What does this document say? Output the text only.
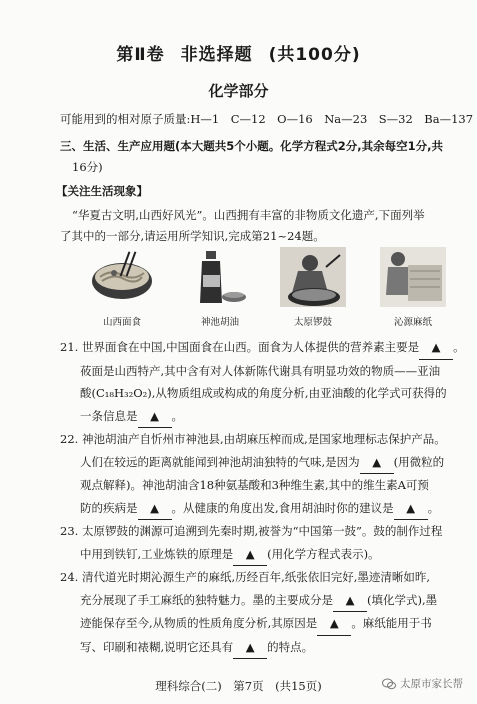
第Ⅱ卷 非选择题 (共100分)
化学部分
可能用到的相对原子质量:H—1　C—12　O—16　Na—23　S—32　Ba—137
三、生活、生产应用题(本大题共5个小题。化学方程式2分,其余每空1分,共
16分)
【关注生活现象】
“华夏古文明,山西好风光”。山西拥有丰富的非物质文化遗产,下面列举
了其中的一部分,请运用所学知识,完成第21~24题。
山西面食	神池胡油	太原锣鼓	沁源麻纸

21. 世界面食在中国,中国面食在山西。面食为人体提供的营养素主要是 ▲ 。

莜面是山西特产,其中含有对人体新陈代谢具有明显功效的物质——亚油

酸(C₁₈H₃₂O₂),从物质组成或构成的角度分析,由亚油酸的化学式可获得的

一条信息是 ▲ 。

22. 神池胡油产自忻州市神池县,由胡麻压榨而成,是国家地理标志保护产品。

人们在较远的距离就能闻到神池胡油独特的气味,是因为 ▲ (用微粒的

观点解释)。神池胡油含18种氨基酸和3种维生素,其中的维生素A可预

防的疾病是 ▲ 。从健康的角度出发,食用胡油时你的建议是 ▲ 。

23. 太原锣鼓的渊源可追溯到先秦时期,被誉为“中国第一鼓”。鼓的制作过程

中用到铁钉,工业炼铁的原理是 ▲ (用化学方程式表示)。

24. 清代道光时期沁源生产的麻纸,历经百年,纸张依旧完好,墨迹清晰如昨,

充分展现了手工麻纸的独特魅力。墨的主要成分是 ▲ (填化学式),墨

迹能保存至今,从物质的性质角度分析,其原因是 ▲ 。麻纸能用于书

写、印刷和裱糊,说明它还具有 ▲ 的特点。

理科综合(二)　第7页　(共15页)	太原市家长帮
